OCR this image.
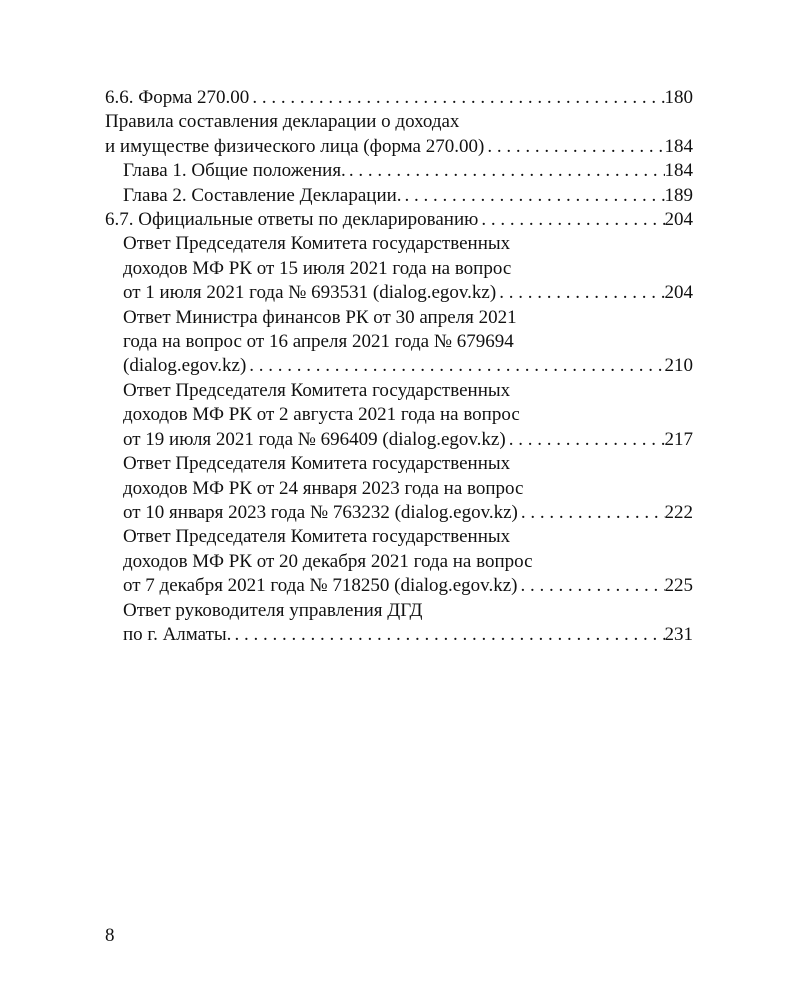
6.6. Форма 270.00 . . .	180
Правила составления декларации о доходах
и имуществе физического лица (форма 270.00) . . .	184
Глава 1. Общие положения. . . .	184
Глава 2. Составление Декларации. . . .	189
6.7. Официальные ответы по декларированию . . .	204
Ответ Председателя Комитета государственных
доходов МФ РК от 15 июля 2021 года на вопрос
от 1 июля 2021 года № 693531 (dialog.egov.kz) . . .	204
Ответ Министра финансов РК от 30 апреля 2021
года на вопрос от 16 апреля 2021 года № 679694
(dialog.egov.kz) . . .	210
Ответ Председателя Комитета государственных
доходов МФ РК от 2 августа 2021 года на вопрос
от 19 июля 2021 года № 696409 (dialog.egov.kz) . . .	217
Ответ Председателя Комитета государственных
доходов МФ РК от 24 января 2023 года на вопрос
от 10 января 2023 года № 763232 (dialog.egov.kz) . . .	222
Ответ Председателя Комитета государственных
доходов МФ РК от 20 декабря 2021 года на вопрос
от 7 декабря 2021 года № 718250 (dialog.egov.kz) . . .	225
Ответ руководителя управления ДГД
по г. Алматы. . . .	231
8
